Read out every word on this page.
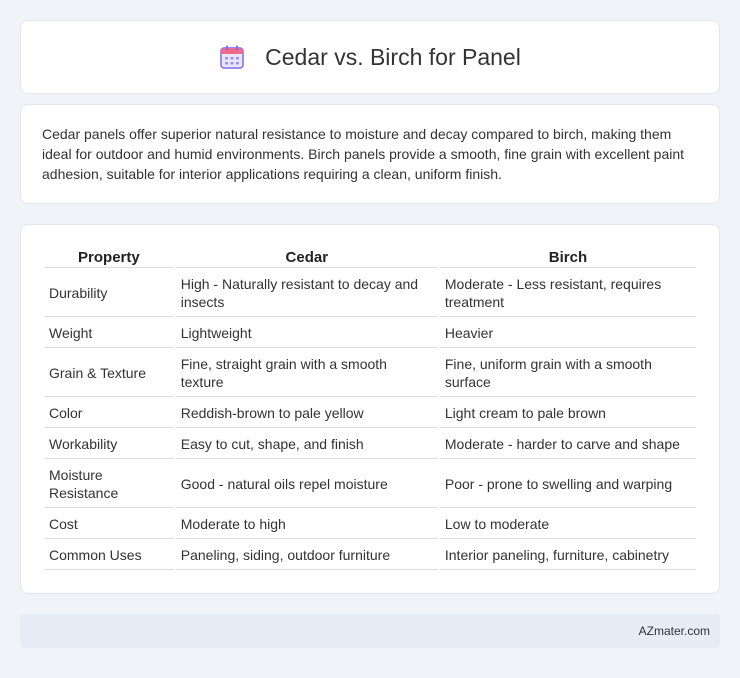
Cedar vs. Birch for Panel

Cedar panels offer superior natural resistance to moisture and decay compared to birch, making them ideal for outdoor and humid environments. Birch panels provide a smooth, fine grain with excellent paint adhesion, suitable for interior applications requiring a clean, uniform finish.

Property	Cedar	Birch
Durability	High - Naturally resistant to decay and insects	Moderate - Less resistant, requires treatment
Weight	Lightweight	Heavier
Grain & Texture	Fine, straight grain with a smooth texture	Fine, uniform grain with a smooth surface
Color	Reddish-brown to pale yellow	Light cream to pale brown
Workability	Easy to cut, shape, and finish	Moderate - harder to carve and shape
Moisture Resistance	Good - natural oils repel moisture	Poor - prone to swelling and warping
Cost	Moderate to high	Low to moderate
Common Uses	Paneling, siding, outdoor furniture	Interior paneling, furniture, cabinetry
AZmater.com
